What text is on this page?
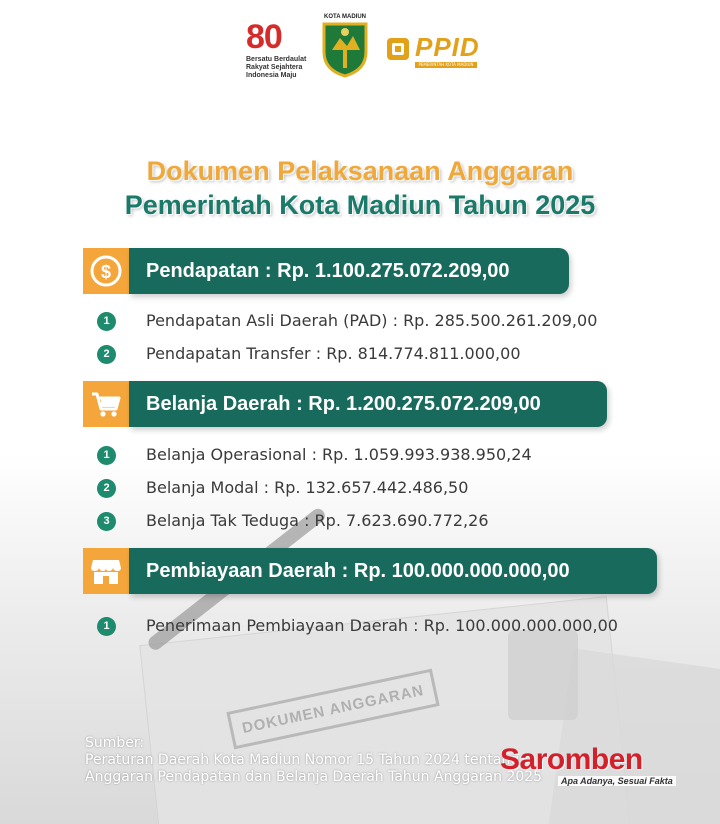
DOKUMEN ANGGARAN
80
Bersatu Berdaulat Rakyat Sejahtera Indonesia Maju
KOTA MADIUN
PPID
PEMERINTAH KOTA MADIUN
Dokumen Pelaksanaan Anggaran
Pemerintah Kota Madiun Tahun 2025
$	Pendapatan : Rp. 1.100.275.072.209,00
1	Pendapatan Asli Daerah (PAD) : Rp. 285.500.261.209,00
2	Pendapatan Transfer : Rp. 814.774.811.000,00
Belanja Daerah : Rp. 1.200.275.072.209,00
1	Belanja Operasional : Rp. 1.059.993.938.950,24
2	Belanja Modal : Rp. 132.657.442.486,50
3	Belanja Tak Teduga : Rp. 7.623.690.772,26
Pembiayaan Daerah : Rp. 100.000.000.000,00
1	Penerimaan Pembiayaan Daerah : Rp. 100.000.000.000,00
Sumber:
Peraturan Daerah Kota Madiun Nomor 15 Tahun 2024 tentang Anggaran Pendapatan dan Belanja Daerah Tahun Anggaran 2025
Saromben
Apa Adanya, Sesuai Fakta
